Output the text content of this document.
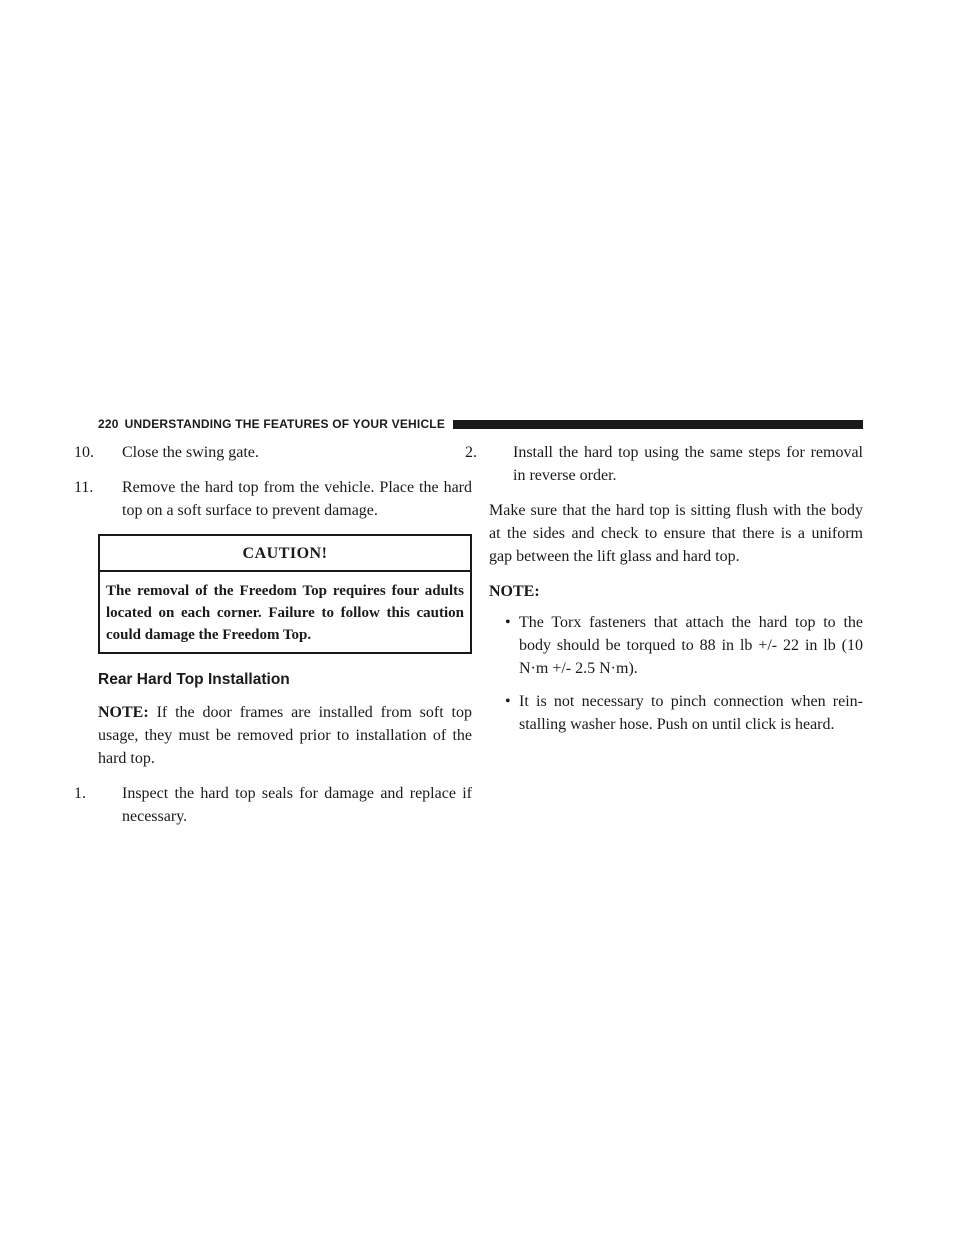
220 UNDERSTANDING THE FEATURES OF YOUR VEHICLE
10. Close the swing gate.
11. Remove the hard top from the vehicle. Place the hard top on a soft surface to prevent damage.
CAUTION!
The removal of the Freedom Top requires four adults located on each corner. Failure to follow this caution could damage the Freedom Top.
Rear Hard Top Installation

NOTE: If the door frames are installed from soft top usage, they must be removed prior to installation of the hard top.

1. Inspect the hard top seals for damage and replace if necessary.
2. Install the hard top using the same steps for removal in reverse order.

Make sure that the hard top is sitting flush with the body at the sides and check to ensure that there is a uniform gap between the lift glass and hard top.

NOTE:

• The Torx fasteners that attach the hard top to the body should be torqued to 88 in lb +/- 22 in lb (10 N·m +/- 2.5 N·m).
• It is not necessary to pinch connection when rein-stalling washer hose. Push on until click is heard.
